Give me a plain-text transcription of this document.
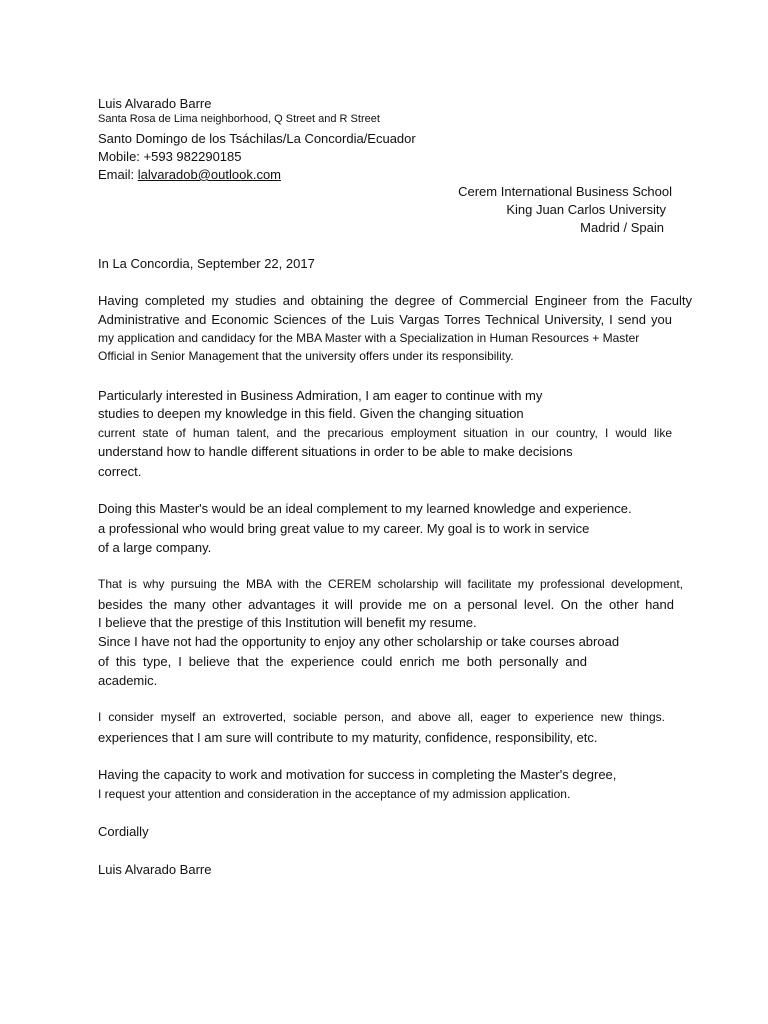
Luis Alvarado Barre
Santa Rosa de Lima neighborhood, Q Street and R Street
Santo Domingo de los Tsáchilas/La Concordia/Ecuador
Mobile: +593 982290185
Email: lalvaradob@outlook.com
Cerem International Business School
King Juan Carlos University
Madrid / Spain
In La Concordia, September 22, 2017
Having completed my studies and obtaining the degree of Commercial Engineer from the Faculty
Administrative and Economic Sciences of the Luis Vargas Torres Technical University, I send you
my application and candidacy for the MBA Master with a Specialization in Human Resources + Master
Official in Senior Management that the university offers under its responsibility.
Particularly interested in Business Admiration, I am eager to continue with my
studies to deepen my knowledge in this field. Given the changing situation
current state of human talent, and the precarious employment situation in our country, I would like
understand how to handle different situations in order to be able to make decisions
correct.
Doing this Master's would be an ideal complement to my learned knowledge and experience.
a professional who would bring great value to my career. My goal is to work in service
of a large company.
That is why pursuing the MBA with the CEREM scholarship will facilitate my professional development,
besides the many other advantages it will provide me on a personal level. On the other hand
I believe that the prestige of this Institution will benefit my resume.
Since I have not had the opportunity to enjoy any other scholarship or take courses abroad
of this type, I believe that the experience could enrich me both personally and
academic.
I consider myself an extroverted, sociable person, and above all, eager to experience new things.
experiences that I am sure will contribute to my maturity, confidence, responsibility, etc.
Having the capacity to work and motivation for success in completing the Master's degree,
I request your attention and consideration in the acceptance of my admission application.
Cordially
Luis Alvarado Barre
